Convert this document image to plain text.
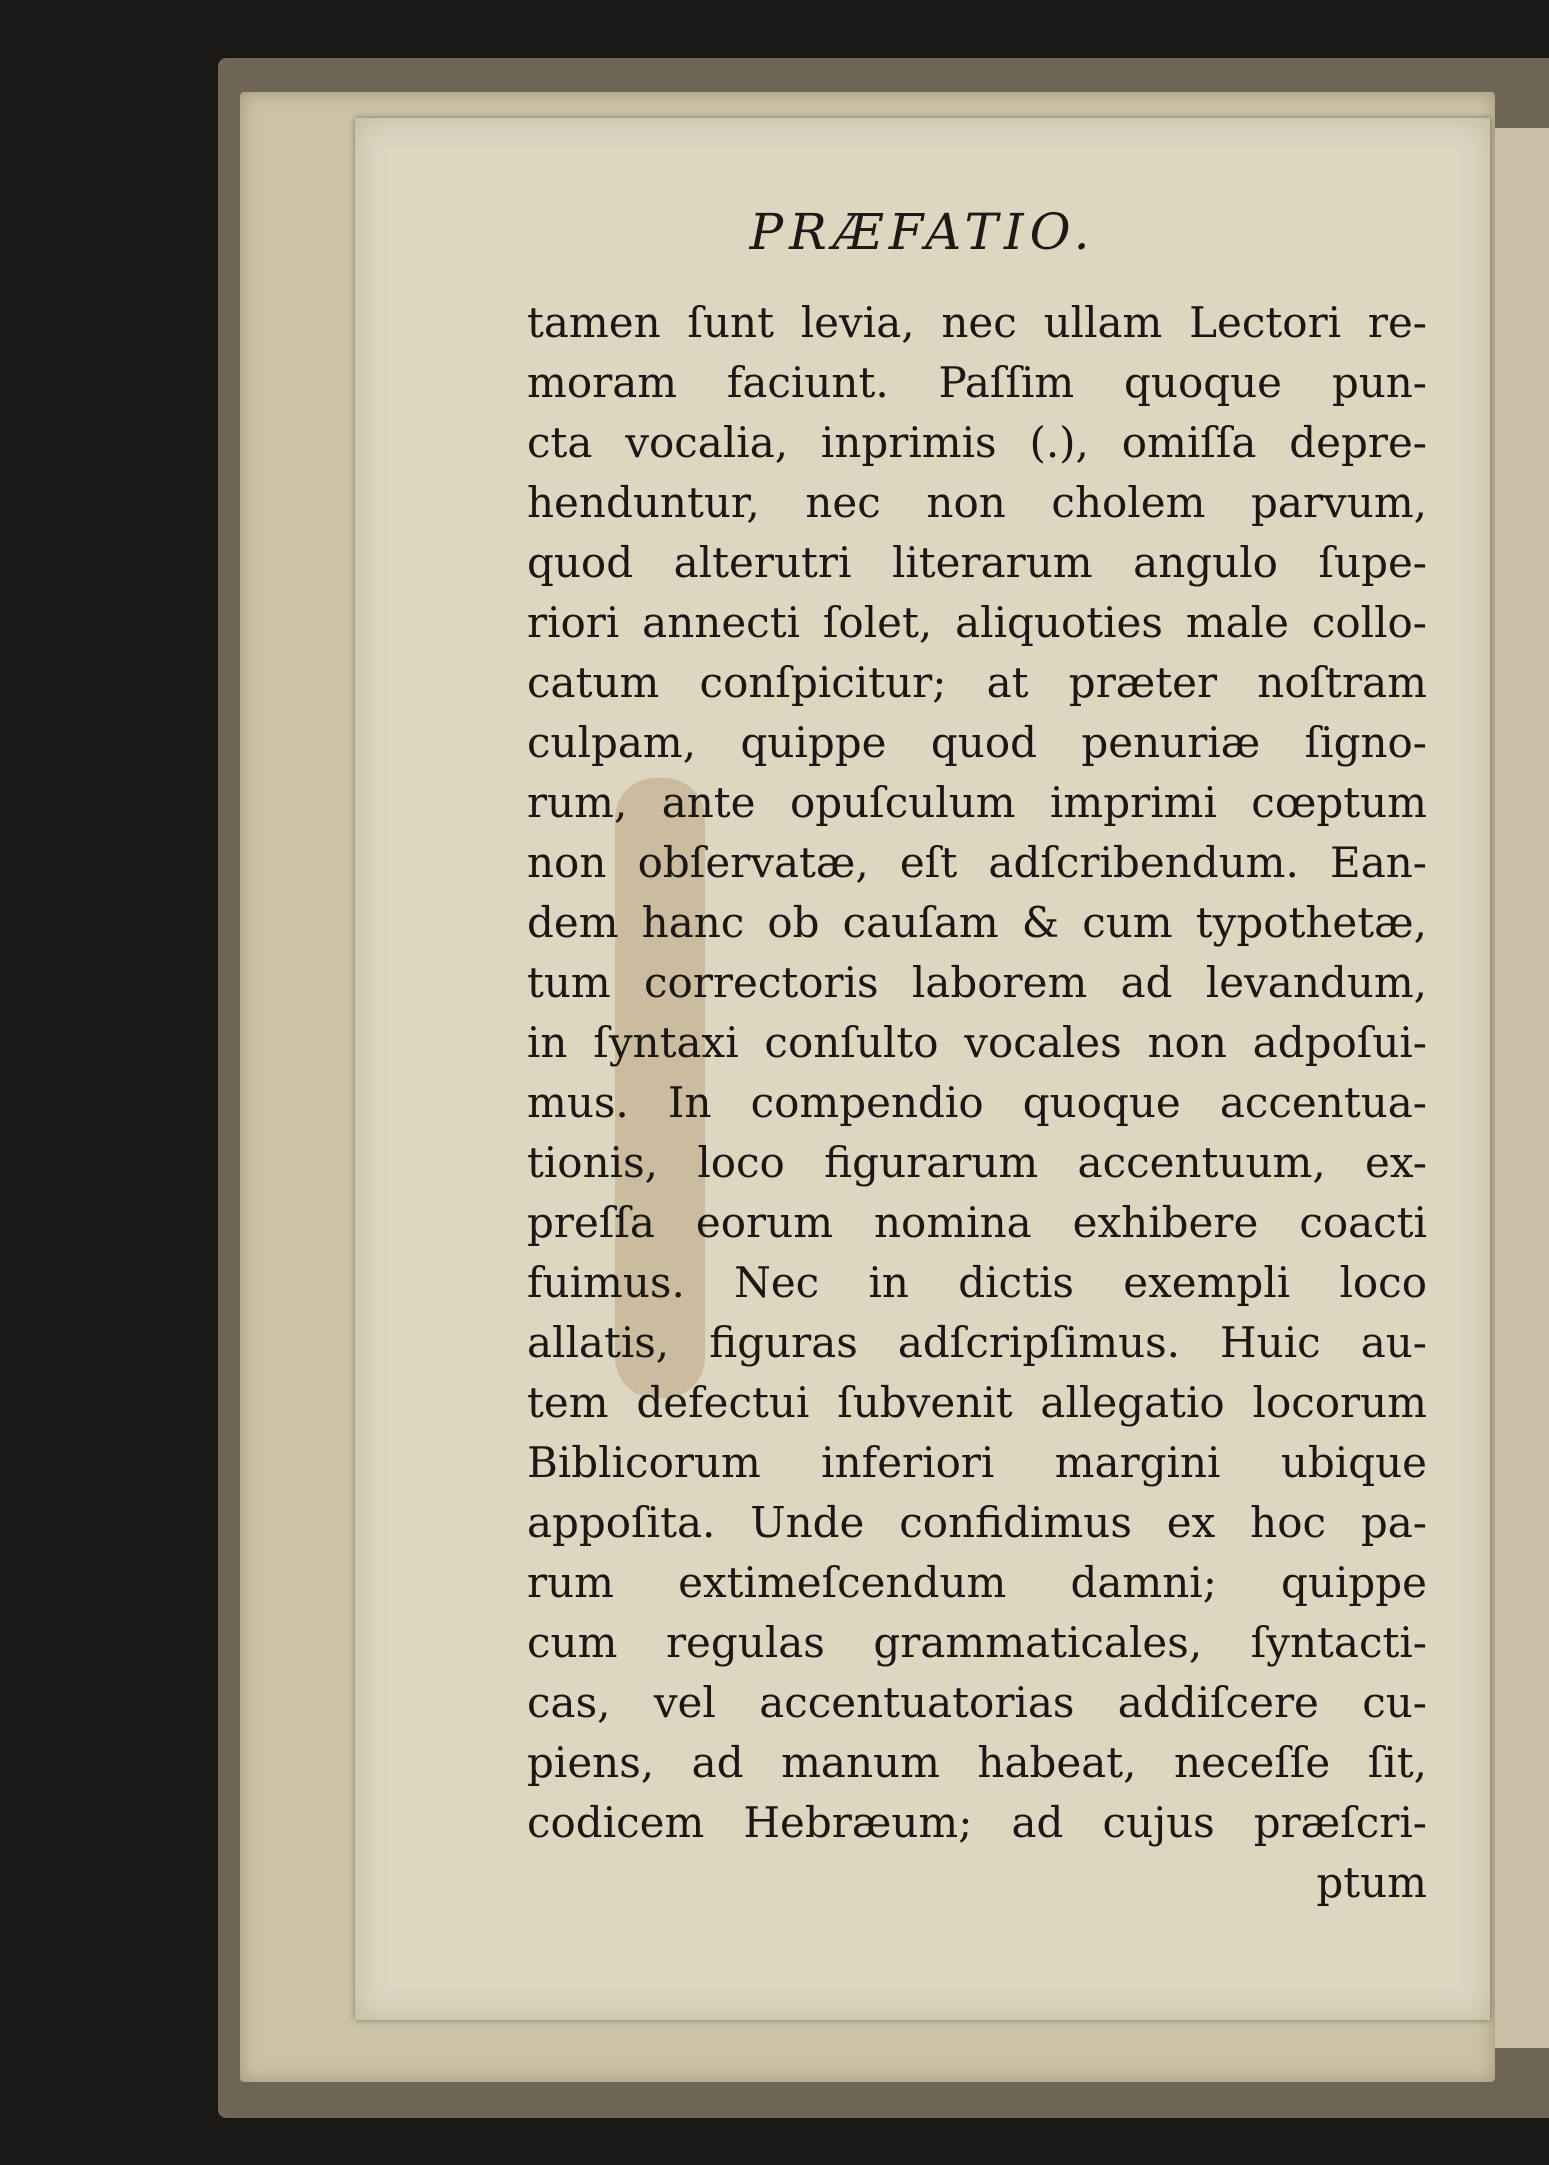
PRÆFATIO.
tamen ſunt levia, nec ullam Lectori re-
moram faciunt. Paſſim quoque pun-
cta vocalia, inprimis (.), omiſſa depre-
henduntur, nec non cholem parvum,
quod alterutri literarum angulo ſupe-
riori annecti ſolet, aliquoties male collo-
catum conſpicitur; at præter noſtram
culpam, quippe quod penuriæ ſigno-
rum, ante opuſculum imprimi cœptum
non obſervatæ, eſt adſcribendum. Ean-
dem hanc ob cauſam & cum typothetæ,
tum correctoris laborem ad levandum,
in ſyntaxi conſulto vocales non adpoſui-
mus. In compendio quoque accentua-
tionis, loco figurarum accentuum, ex-
preſſa eorum nomina exhibere coacti
fuimus. Nec in dictis exempli loco
allatis, figuras adſcripſimus. Huic au-
tem defectui ſubvenit allegatio locorum
Biblicorum inferiori margini ubique
appoſita. Unde confidimus ex hoc pa-
rum extimeſcendum damni; quippe
cum regulas grammaticales, ſyntacti-
cas, vel accentuatorias addiſcere cu-
piens, ad manum habeat, neceſſe ſit,
codicem Hebræum; ad cujus præſcri-
ptum
